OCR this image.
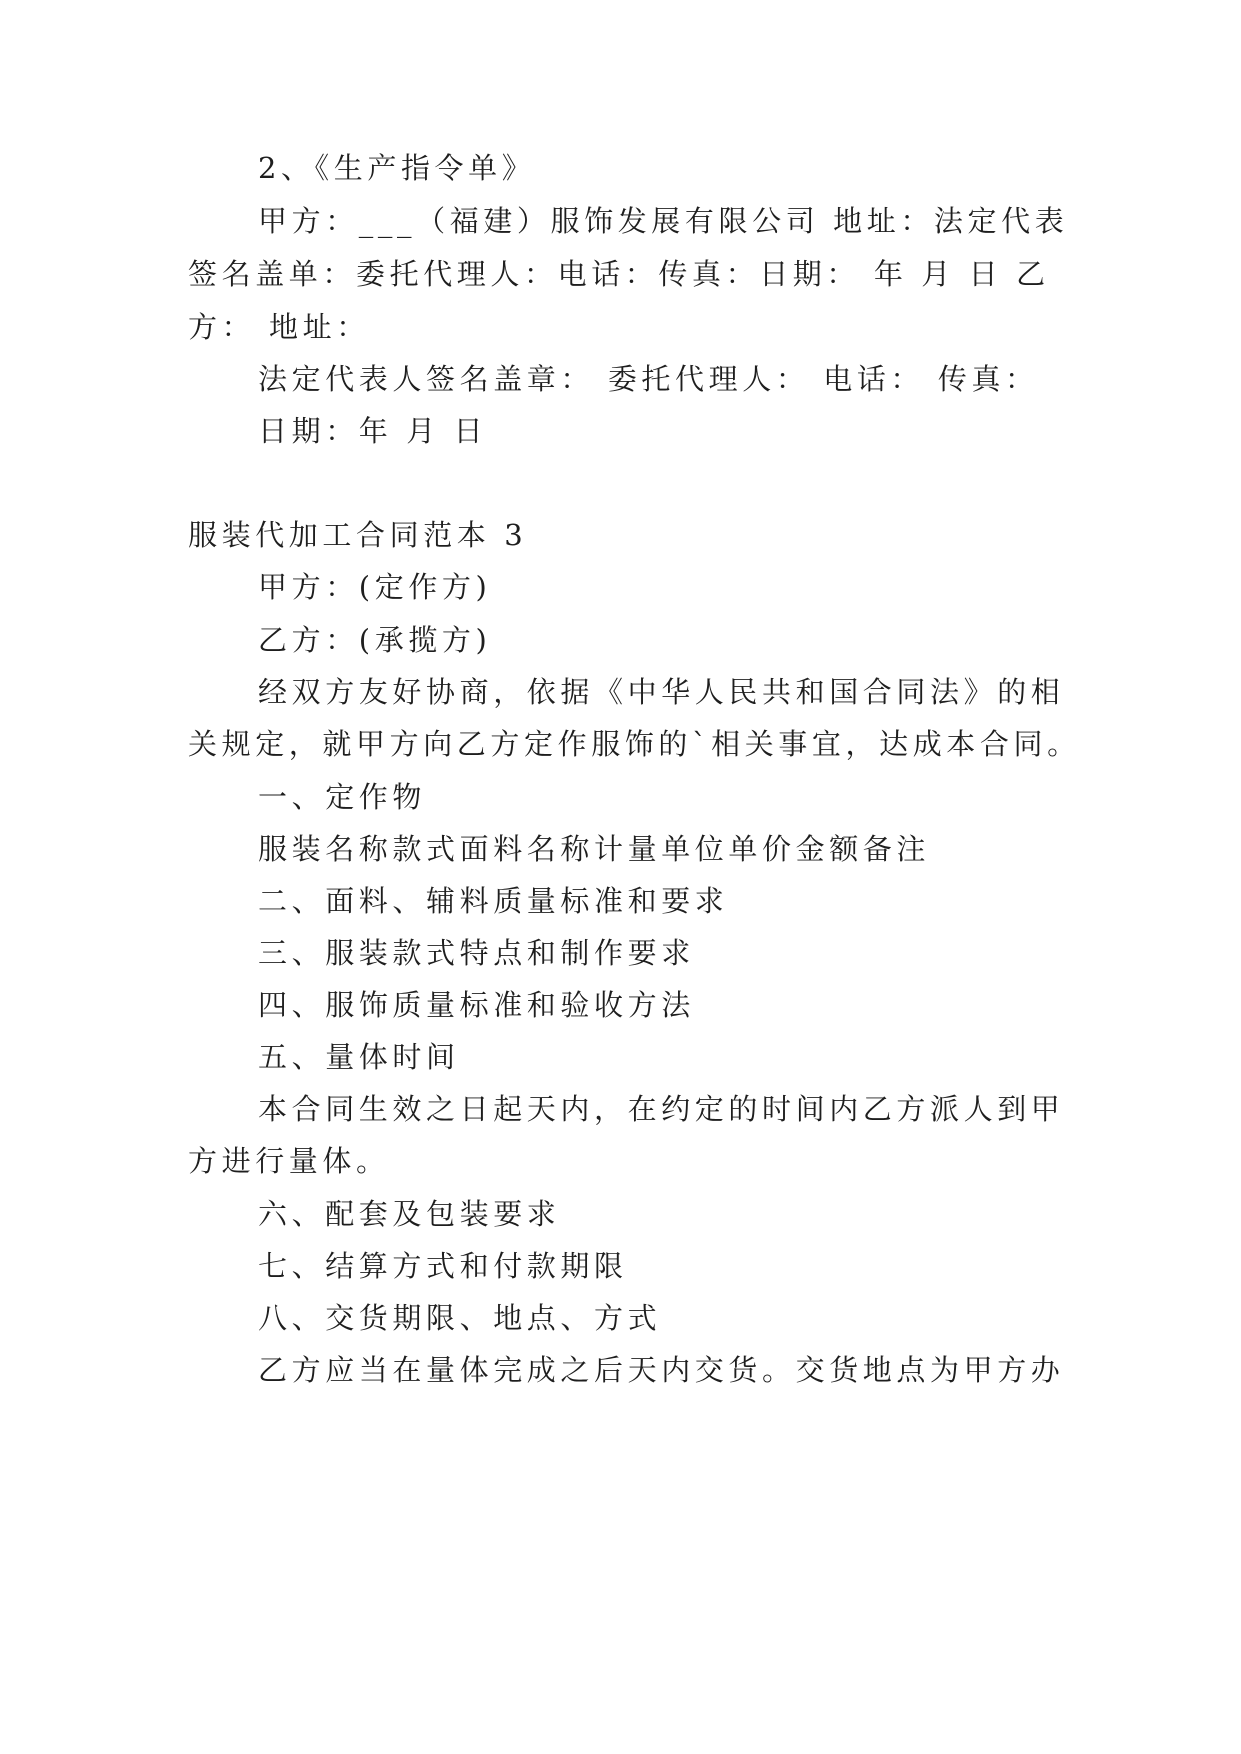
2、《生产指令单》
甲方：___（福建）服饰发展有限公司 地址：法定代表
签名盖单：委托代理人：电话：传真：日期： 年 月 日 乙
方： 地址：
法定代表人签名盖章： 委托代理人： 电话： 传真：
日期：年 月 日
服装代加工合同范本 3
甲方：(定作方)
乙方：(承揽方)
经双方友好协商，依据《中华人民共和国合同法》的相
关规定，就甲方向乙方定作服饰的`相关事宜，达成本合同。
一、定作物
服装名称款式面料名称计量单位单价金额备注
二、面料、辅料质量标准和要求
三、服装款式特点和制作要求
四、服饰质量标准和验收方法
五、量体时间
本合同生效之日起天内，在约定的时间内乙方派人到甲
方进行量体。
六、配套及包装要求
七、结算方式和付款期限
八、交货期限、地点、方式
乙方应当在量体完成之后天内交货。交货地点为甲方办
